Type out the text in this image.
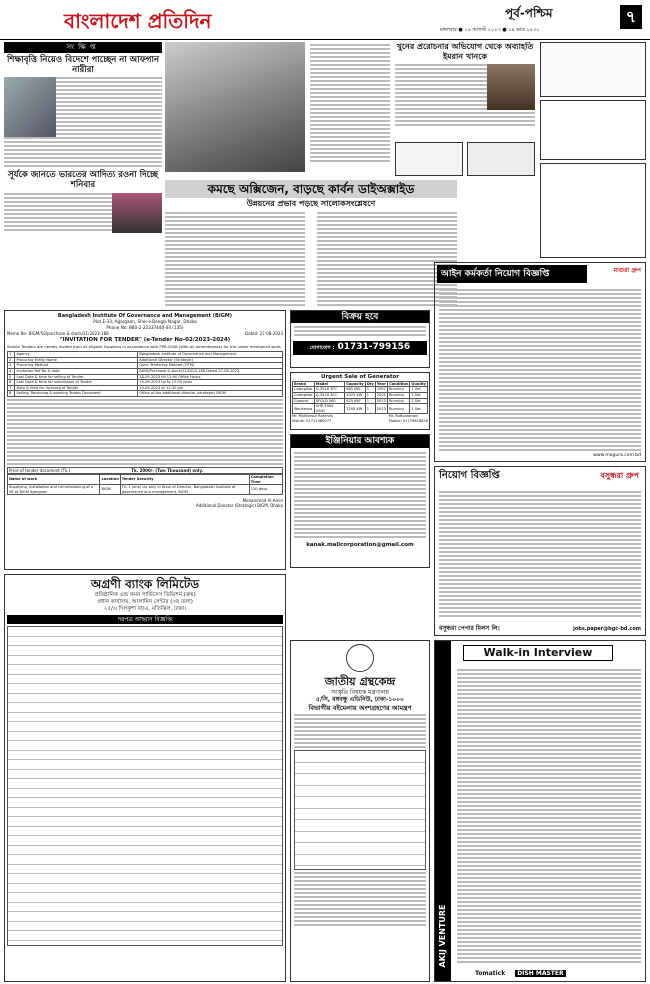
বাংলাদেশ প্রতিদিন	পূর্ব-পশ্চিম
মঙ্গলবার ● ২৯ আগস্ট ২০২৩ ● ১৪ ভাদ্র ১৪৩০
৭
সংক্ষিপ্ত
শিক্ষাবৃত্তি নিয়েও বিদেশে পাচ্ছেন না আফগান নারীরা
সূর্যকে জানতে ভারতের আদিত্য রওনা দিচ্ছে শনিবার	কমছে অক্সিজেন, বাড়ছে কার্বন ডাইঅক্সাইড
উন্নয়নের প্রভাব পড়ছে সালোকসংশ্লেষণে
খুনের প্ররোচনার অভিযোগ থেকে অব্যাহতি ইমরান খানকে
Bangladesh Institute Of Governance and Management (BIGM)
Plot E-33, Agargaon, Sher-e-Bangla Nagar, Dhaka
Phone No: 880-2-22337440-44 (135)
Memo No- BIGM/50/purchase & stock/21/2023-188	Dated: 27-08-2023
"INVITATION FOR TENDER" (e-Tender No-02/2023-2024)
Sealed Tenders are hereby invited from all eligible Suppliers in accordance with PPR-2008 (With all amendments) for the under mentioned work.
1	Agency	Bangladesh Institute of Governance and Management
2	Procuring Entity Name	Additional Director (Strategic)
3	Procuring Method	Open Tendering Method (OTM)
4	Invitation Ref No & date	BIGM/Purchase & stock/21/2023-188,Dated 27-08-2023
5	Last Date & time for selling of Tender	18-09-2023 till 12:00 Office Hours
6	Last Date & time for submission of Tender	19-09-2023 up to 12.00 noon
7	Date & time for Opening of Tender	19-09-2023 at 12:30 pm
8	Selling, Receiving & opening Tender Document	Office of the additional director (strategic) BIGM
Price of tender document (Tk.)	Tk. 2000/- (Two Thousand) only.
Name of work	Location	Tender Security	Completion Time
Supplying, Installation and commissioning of a lift at BIGM Agargaon	BIGM	Tk. 1 (one) lac only in favor of Director, Bangladesh Institute of governance and management, BIGM	120 days
Mohammad Al-Amin
Additional Director (Strategic) BIGM, Dhaka
বিক্রয় হবে
যোগাযোগ : 01731-799156
Urgent Sale of Generator
Brand	Model	Capacity	Qty	Year	Condition	Quality
Caterpillar	G-3516 3FC	865 KW	1	1997	Running	1 Set
Caterpillar	G-3516 3FC	1025 KW	1	2001	Running	1 Set
Guascor	SFGLD 560	825 KW	1	2013	Running	1 Set
Waukesha	VHP 5904 GSID	1200 KW	1	2013	Running	1 Set
Mr. Mokhlesur Rahman
Mobile: 01711080077
Mr. Rafiuzzaman
Mobile: 01729618826
ইঞ্জিনিয়ার আবশ্যক
kanak.malicorporation@gmail.com
আইন কর্মকর্তা নিয়োগ বিজ্ঞপ্তি	মাগুরা গ্রুপ
www.magura.com.bd
নিয়োগ বিজ্ঞপ্তি	বসুন্ধরা গ্রুপ
বসুন্ধরা পেপার মিলস লি:	jobs.paper@bgc-bd.com
অগ্রণী ব্যাংক লিমিটেড
প্রতিষ্ঠানিক এন্ড কমন সার্ভিসেস ডিভিশন (ক্রয়)
প্রধান কার্যালয়, আলামিন সেন্টার (৩য় তলা)
২৫/এ দিলকুশা বা/এ, মতিঝিল, ঢাকা।
দরপত্র আহ্বান বিজ্ঞপ্তি
জাতীয় গ্রন্থকেন্দ্র
সংস্কৃতি বিষয়ক মন্ত্রণালয়
৫/সি, বঙ্গবন্ধু এভিনিউ, ঢাকা-১০০০
বিভাগীয় বইমেলায় অংশগ্রহণের আমন্ত্রণ
AKIJ VENTURE
Walk-in Interview
Tomatick	DISH MASTER
